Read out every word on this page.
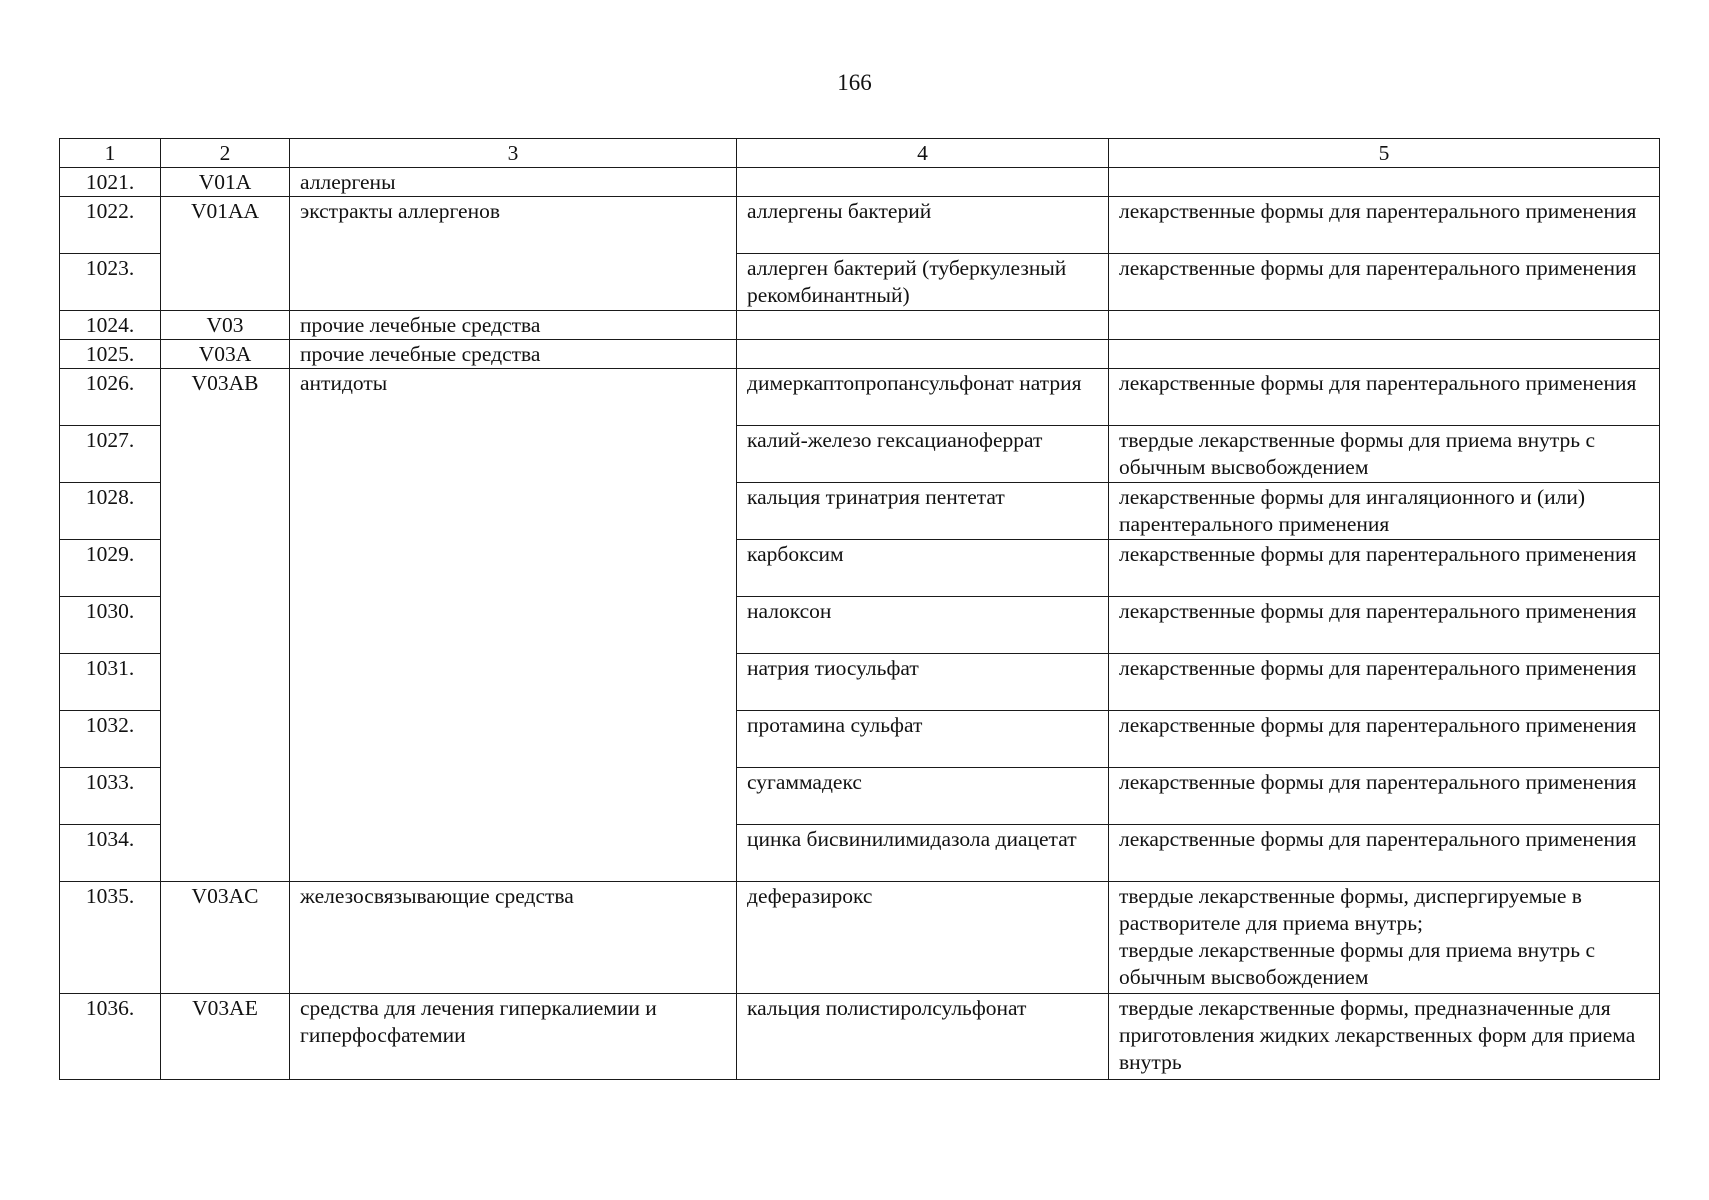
166
1	2	3	4	5
1021.	V01A	аллергены		
1022.	V01AA	экстракты аллергенов	аллергены бактерий	лекарственные формы для парентерального применения
1023.			аллерген бактерий (туберкулезный рекомбинантный)	лекарственные формы для парентерального применения
1024.	V03	прочие лечебные средства		
1025.	V03A	прочие лечебные средства		
1026.	V03AB	антидоты	димеркаптопропансульфонат натрия	лекарственные формы для парентерального применения
1027.			калий-железо гексацианоферрат	твердые лекарственные формы для приема внутрь с обычным высвобождением
1028.			кальция тринатрия пентетат	лекарственные формы для ингаляционного и (или) парентерального применения
1029.			карбоксим	лекарственные формы для парентерального применения
1030.			налоксон	лекарственные формы для парентерального применения
1031.			натрия тиосульфат	лекарственные формы для парентерального применения
1032.			протамина сульфат	лекарственные формы для парентерального применения
1033.			сугаммадекс	лекарственные формы для парентерального применения
1034.			цинка бисвинилимидазола диацетат	лекарственные формы для парентерального применения
1035.	V03AC	железосвязывающие средства	деферазирокс	твердые лекарственные формы, диспергируемые в растворителе для приема внутрь;
твердые лекарственные формы для приема внутрь с обычным высвобождением
1036.	V03AE	средства для лечения гиперкалиемии и гиперфосфатемии	кальция полистиролсульфонат	твердые лекарственные формы, предназначенные для приготовления жидких лекарственных форм для приема внутрь
